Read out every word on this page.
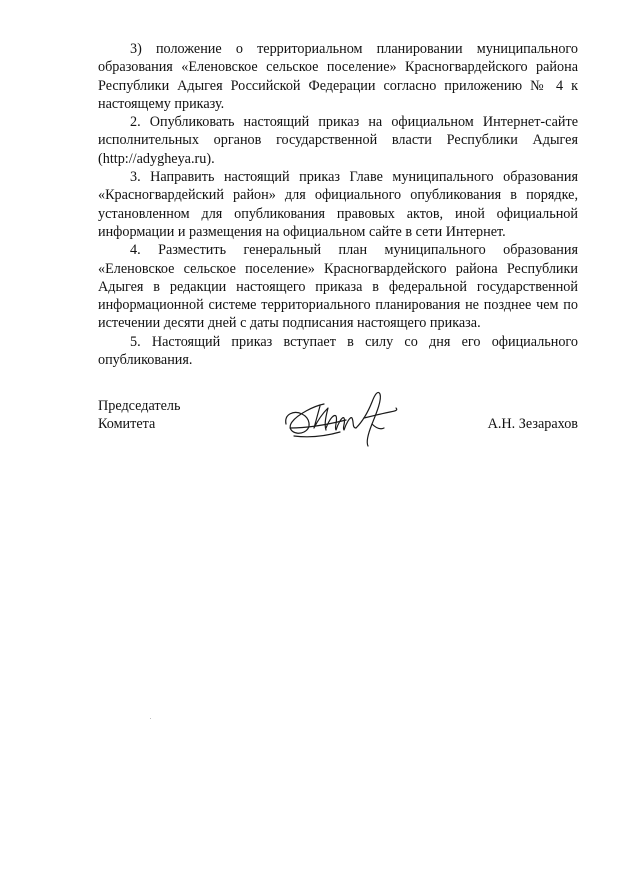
3) положение о территориальном планировании муниципального образования «Еленовское сельское поселение» Красногвардейского района Республики Адыгея Российской Федерации согласно приложению № 4 к настоящему приказу.

2. Опубликовать настоящий приказ на официальном Интернет-сайте исполнительных органов государственной власти Республики Адыгея (http://adygheya.ru).

3. Направить настоящий приказ Главе муниципального образования «Красногвардейский район» для официального опубликования в порядке, установленном для опубликования правовых актов, иной официальной информации и размещения на официальном сайте в сети Интернет.

4. Разместить генеральный план муниципального образования «Еленовское сельское поселение» Красногвардейского района Республики Адыгея в редакции настоящего приказа в федеральной государственной информационной системе территориального планирования не позднее чем по истечении десяти дней с даты подписания настоящего приказа.

5. Настоящий приказ вступает в силу со дня его официального опубликования.

Председатель
Комитета	А.Н. Зезарахов
